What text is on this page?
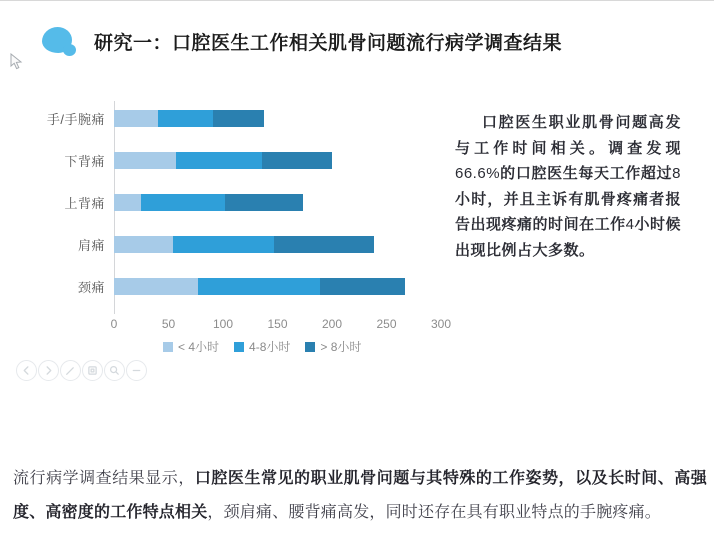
研究一：口腔医生工作相关肌骨问题流行病学调查结果
手/手腕痛
下背痛
上背痛
肩痛
颈痛
0	50	100	150	200	250	300
< 4小时	4-8小时	> 8小时

口腔医生职业肌骨问题高发与工作时间相关。调查发现66.6%的口腔医生每天工作超过8小时，并且主诉有肌骨疼痛者报告出现疼痛的时间在工作4小时候出现比例占大多数。

流行病学调查结果显示，口腔医生常见的职业肌骨问题与其特殊的工作姿势，以及长时间、高强度、高密度的工作特点相关，颈肩痛、腰背痛高发，同时还存在具有职业特点的手腕疼痛。
